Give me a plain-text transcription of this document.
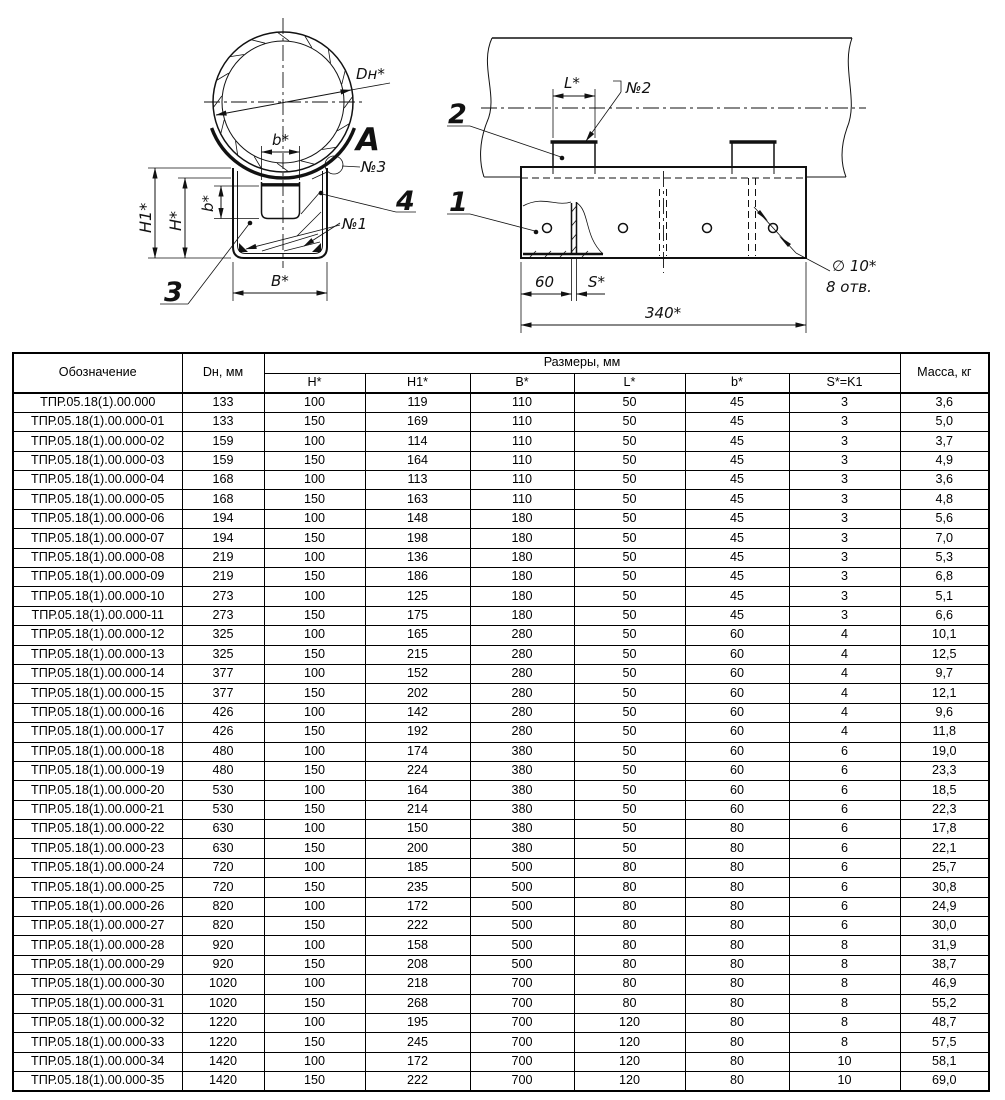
H1* H*
b*
b*
B*
Dн*
A
№3
№1
4
3
L*	№2
2
1
60 S*
340*
∅ 10*
8 отв.
Обозначение	Dн, мм	Размеры, мм						Масса, кг
		H*	H1*	B*	L*	b*	S*=K1	
ТПР.05.18(1).00.000	133	100	119	110	50	45	3	3,6
ТПР.05.18(1).00.000-01	133	150	169	110	50	45	3	5,0
ТПР.05.18(1).00.000-02	159	100	114	110	50	45	3	3,7
ТПР.05.18(1).00.000-03	159	150	164	110	50	45	3	4,9
ТПР.05.18(1).00.000-04	168	100	113	110	50	45	3	3,6
ТПР.05.18(1).00.000-05	168	150	163	110	50	45	3	4,8
ТПР.05.18(1).00.000-06	194	100	148	180	50	45	3	5,6
ТПР.05.18(1).00.000-07	194	150	198	180	50	45	3	7,0
ТПР.05.18(1).00.000-08	219	100	136	180	50	45	3	5,3
ТПР.05.18(1).00.000-09	219	150	186	180	50	45	3	6,8
ТПР.05.18(1).00.000-10	273	100	125	180	50	45	3	5,1
ТПР.05.18(1).00.000-11	273	150	175	180	50	45	3	6,6
ТПР.05.18(1).00.000-12	325	100	165	280	50	60	4	10,1
ТПР.05.18(1).00.000-13	325	150	215	280	50	60	4	12,5
ТПР.05.18(1).00.000-14	377	100	152	280	50	60	4	9,7
ТПР.05.18(1).00.000-15	377	150	202	280	50	60	4	12,1
ТПР.05.18(1).00.000-16	426	100	142	280	50	60	4	9,6
ТПР.05.18(1).00.000-17	426	150	192	280	50	60	4	11,8
ТПР.05.18(1).00.000-18	480	100	174	380	50	60	6	19,0
ТПР.05.18(1).00.000-19	480	150	224	380	50	60	6	23,3
ТПР.05.18(1).00.000-20	530	100	164	380	50	60	6	18,5
ТПР.05.18(1).00.000-21	530	150	214	380	50	60	6	22,3
ТПР.05.18(1).00.000-22	630	100	150	380	50	80	6	17,8
ТПР.05.18(1).00.000-23	630	150	200	380	50	80	6	22,1
ТПР.05.18(1).00.000-24	720	100	185	500	80	80	6	25,7
ТПР.05.18(1).00.000-25	720	150	235	500	80	80	6	30,8
ТПР.05.18(1).00.000-26	820	100	172	500	80	80	6	24,9
ТПР.05.18(1).00.000-27	820	150	222	500	80	80	6	30,0
ТПР.05.18(1).00.000-28	920	100	158	500	80	80	8	31,9
ТПР.05.18(1).00.000-29	920	150	208	500	80	80	8	38,7
ТПР.05.18(1).00.000-30	1020	100	218	700	80	80	8	46,9
ТПР.05.18(1).00.000-31	1020	150	268	700	80	80	8	55,2
ТПР.05.18(1).00.000-32	1220	100	195	700	120	80	8	48,7
ТПР.05.18(1).00.000-33	1220	150	245	700	120	80	8	57,5
ТПР.05.18(1).00.000-34	1420	100	172	700	120	80	10	58,1
ТПР.05.18(1).00.000-35	1420	150	222	700	120	80	10	69,0
